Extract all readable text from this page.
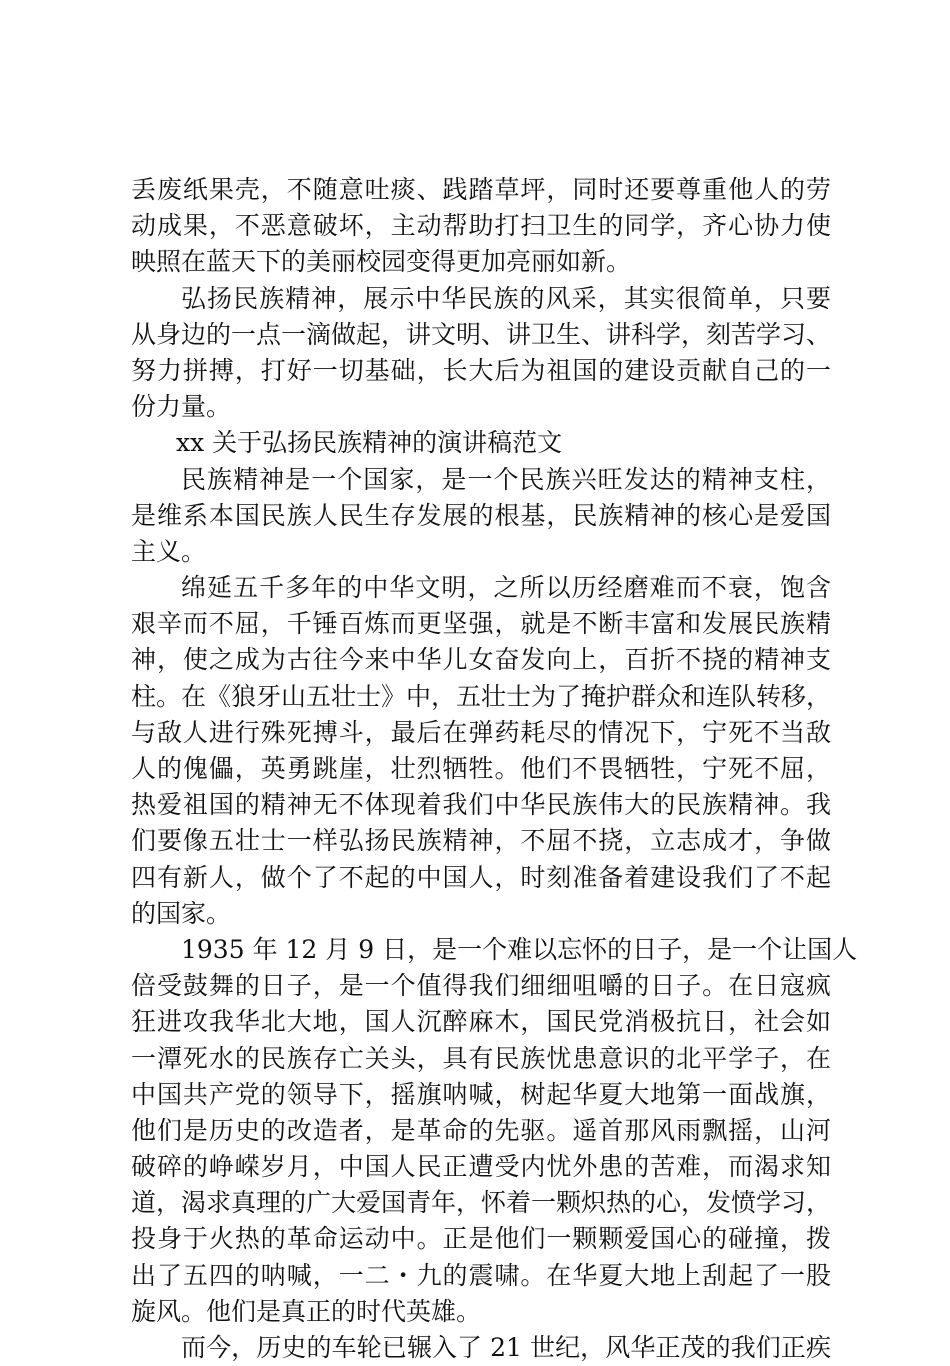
丢废纸果壳，不随意吐痰、践踏草坪，同时还要尊重他人的劳
动成果，不恶意破坏，主动帮助打扫卫生的同学，齐心协力使
映照在蓝天下的美丽校园变得更加亮丽如新。
弘扬民族精神，展示中华民族的风采，其实很简单，只要
从身边的一点一滴做起，讲文明、讲卫生、讲科学，刻苦学习、
努力拼搏，打好一切基础，长大后为祖国的建设贡献自己的一
份力量。
xx 关于弘扬民族精神的演讲稿范文
民族精神是一个国家，是一个民族兴旺发达的精神支柱，
是维系本国民族人民生存发展的根基，民族精神的核心是爱国
主义。
绵延五千多年的中华文明，之所以历经磨难而不衰，饱含
艰辛而不屈，千锤百炼而更坚强，就是不断丰富和发展民族精
神，使之成为古往今来中华儿女奋发向上，百折不挠的精神支
柱。在《狼牙山五壮士》中，五壮士为了掩护群众和连队转移，
与敌人进行殊死搏斗，最后在弹药耗尽的情况下，宁死不当敌
人的傀儡，英勇跳崖，壮烈牺牲。他们不畏牺牲，宁死不屈，
热爱祖国的精神无不体现着我们中华民族伟大的民族精神。我
们要像五壮士一样弘扬民族精神，不屈不挠，立志成才，争做
四有新人，做个了不起的中国人，时刻准备着建设我们了不起
的国家。
1935 年 12 月 9 日，是一个难以忘怀的日子，是一个让国人
倍受鼓舞的日子，是一个值得我们细细咀嚼的日子。在日寇疯
狂进攻我华北大地，国人沉醉麻木，国民党消极抗日，社会如
一潭死水的民族存亡关头，具有民族忧患意识的北平学子，在
中国共产党的领导下，摇旗呐喊，树起华夏大地第一面战旗，
他们是历史的改造者，是革命的先驱。遥首那风雨飘摇，山河
破碎的峥嵘岁月，中国人民正遭受内忧外患的苦难，而渴求知
道，渴求真理的广大爱国青年，怀着一颗炽热的心，发愤学习，
投身于火热的革命运动中。正是他们一颗颗爱国心的碰撞，拨
出了五四的呐喊，一二・九的震啸。在华夏大地上刮起了一股
旋风。他们是真正的时代英雄。
而今，历史的车轮已辗入了 21 世纪，风华正茂的我们正疾
